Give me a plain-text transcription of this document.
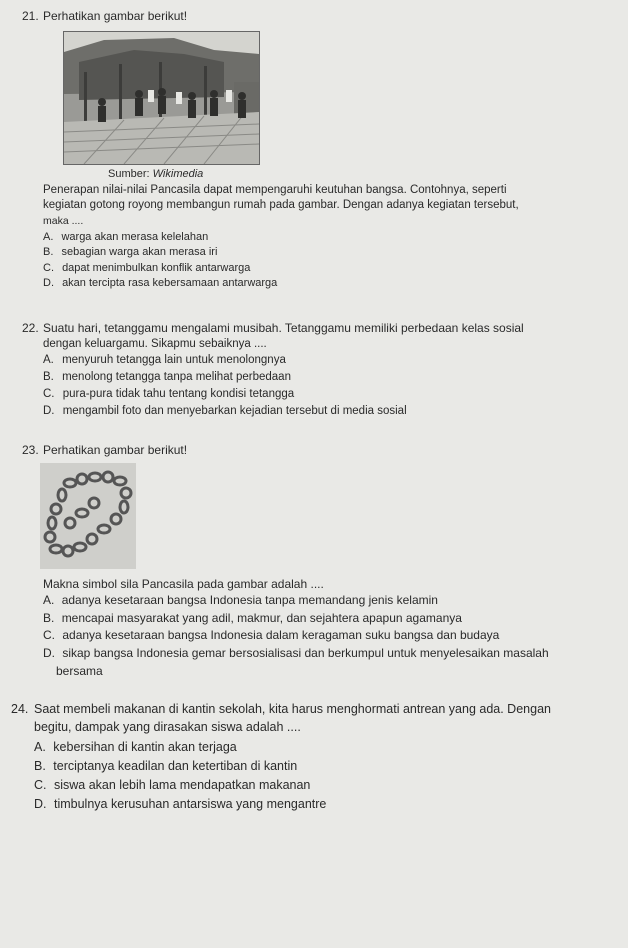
21. Perhatikan gambar berikut!
Sumber: Wikimedia
Penerapan nilai-nilai Pancasila dapat mempengaruhi keutuhan bangsa. Contohnya, seperti
kegiatan gotong royong membangun rumah pada gambar. Dengan adanya kegiatan tersebut,
maka ....
A. warga akan merasa kelelahan
B. sebagian warga akan merasa iri
C. dapat menimbulkan konflik antarwarga
D. akan tercipta rasa kebersamaan antarwarga
22. Suatu hari, tetanggamu mengalami musibah. Tetanggamu memiliki perbedaan kelas sosial
dengan keluargamu. Sikapmu sebaiknya ....
A. menyuruh tetangga lain untuk menolongnya
B. menolong tetangga tanpa melihat perbedaan
C. pura-pura tidak tahu tentang kondisi tetangga
D. mengambil foto dan menyebarkan kejadian tersebut di media sosial
23. Perhatikan gambar berikut!
Makna simbol sila Pancasila pada gambar adalah ....
A. adanya kesetaraan bangsa Indonesia tanpa memandang jenis kelamin
B. mencapai masyarakat yang adil, makmur, dan sejahtera apapun agamanya
C. adanya kesetaraan bangsa Indonesia dalam keragaman suku bangsa dan budaya
D. sikap bangsa Indonesia gemar bersosialisasi dan berkumpul untuk menyelesaikan masalah
bersama
24. Saat membeli makanan di kantin sekolah, kita harus menghormati antrean yang ada. Dengan
begitu, dampak yang dirasakan siswa adalah ....
A. kebersihan di kantin akan terjaga
B. terciptanya keadilan dan ketertiban di kantin
C. siswa akan lebih lama mendapatkan makanan
D. timbulnya kerusuhan antarsiswa yang mengantre
